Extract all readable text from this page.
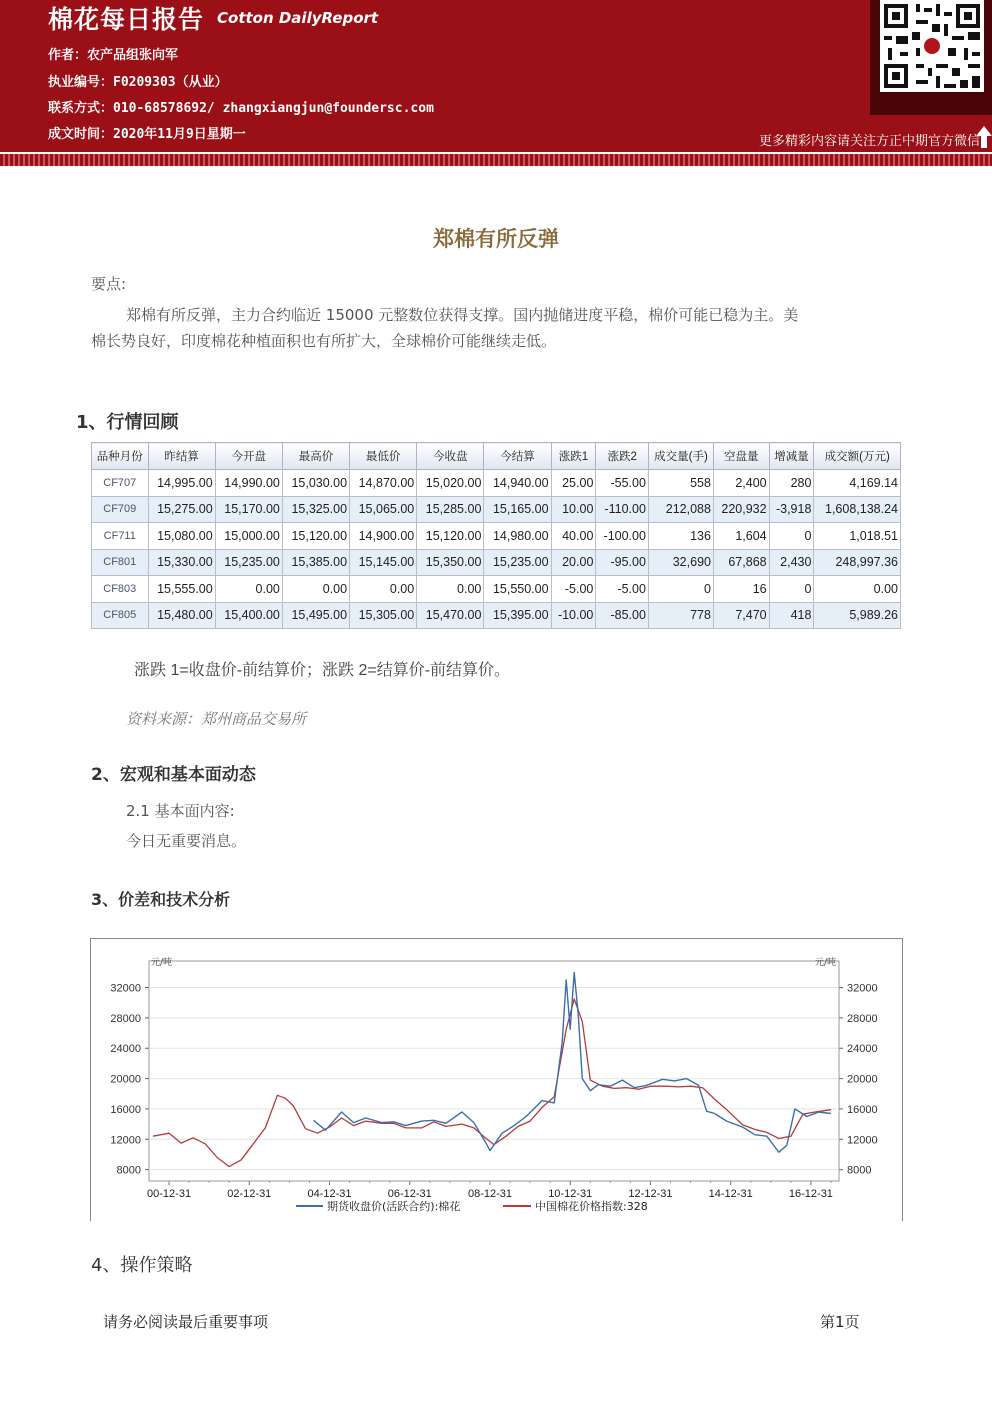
棉花每日报告 Cotton DailyReport
作者：农产品组张向军
执业编号：F0209303（从业）
联系方式：010-68578692/ zhangxiangjun@foundersc.com
成文时间：2020年11月9日星期一	更多精彩内容请关注方正中期官方微信
郑棉有所反弹
要点:
郑棉有所反弹，主力合约临近 15000 元整数位获得支撑。国内抛储进度平稳，棉价可能已稳为主。美
棉长势良好，印度棉花种植面积也有所扩大，全球棉价可能继续走低。
1、行情回顾
品种月份	昨结算	今开盘	最高价	最低价	今收盘	今结算	涨跌1	涨跌2	成交量(手)	空盘量	增减量	成交额(万元)
CF707	14,995.00	14,990.00	15,030.00	14,870.00	15,020.00	14,940.00	25.00	-55.00	558	2,400	280	4,169.14
CF709	15,275.00	15,170.00	15,325.00	15,065.00	15,285.00	15,165.00	10.00	-110.00	212,088	220,932	-3,918	1,608,138.24
CF711	15,080.00	15,000.00	15,120.00	14,900.00	15,120.00	14,980.00	40.00	-100.00	136	1,604	0	1,018.51
CF801	15,330.00	15,235.00	15,385.00	15,145.00	15,350.00	15,235.00	20.00	-95.00	32,690	67,868	2,430	248,997.36
CF803	15,555.00	0.00	0.00	0.00	0.00	15,550.00	-5.00	-5.00	0	16	0	0.00
CF805	15,480.00	15,400.00	15,495.00	15,305.00	15,470.00	15,395.00	-10.00	-85.00	778	7,470	418	5,989.26
涨跌 1=收盘价-前结算价；涨跌 2=结算价-前结算价。
资料来源：郑州商品交易所
2、宏观和基本面动态
2.1 基本面内容:
今日无重要消息。
3、价差和技术分析
8000	8000
12000	12000
16000	16000
20000	20000
24000	24000
28000	28000
32000	32000
元/吨	元/吨
00-12-31	02-12-31	04-12-31	06-12-31	08-12-31	10-12-31	12-12-31	14-12-31	16-12-31
期货收盘价(活跃合约):棉花	中国棉花价格指数:328
4、操作策略
请务必阅读最后重要事项	第1页
